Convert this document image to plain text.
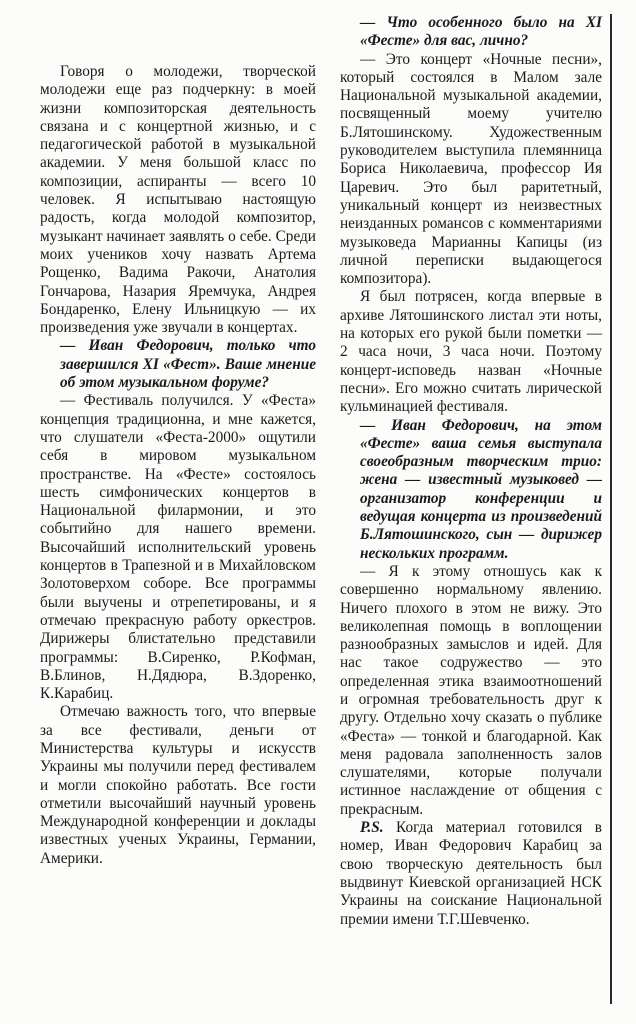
Говоря о молодежи, творческой молодежи еще раз подчеркну: в моей жизни композиторская деятельность связана и с концертной жизнью, и с педагогической работой в музыкальной академии. У меня большой класс по композиции, аспиранты — всего 10 человек. Я испытываю настоящую радость, когда молодой композитор, музыкант начинает заявлять о себе. Среди моих учеников хочу назвать Артема Рощенко, Вадима Ракочи, Анатолия Гончарова, Назария Яремчука, Андрея Бондаренко, Елену Ильницкую — их произведения уже звучали в концертах.

— Иван Федорович, только что завершился XI «Фест». Ваше мнение об этом музыкальном форуме?

— Фестиваль получился. У «Феста» концепция традиционна, и мне кажется, что слушатели «Феста-2000» ощутили себя в мировом музыкальном пространстве. На «Фесте» состоялось шесть симфонических концертов в Национальной филармонии, и это событийно для нашего времени. Высочайший исполнительский уровень концертов в Трапезной и в Михайловском Золотоверхом соборе. Все программы были выучены и отрепетированы, и я отмечаю прекрасную работу оркестров. Дирижеры блистательно представили программы: В.Сиренко, Р.Кофман, В.Блинов, Н.Дядюра, В.Здоренко, К.Карабиц.

Отмечаю важность того, что впервые за все фестивали, деньги от Министерства культуры и искусств Украины мы получили перед фестивалем и могли спокойно работать. Все гости отметили высочайший научный уровень Международной конференции и доклады известных ученых Украины, Германии, Америки.

— Что особенного было на XI «Фесте» для вас, лично?

— Это концерт «Ночные песни», который состоялся в Малом зале Национальной музыкальной академии, посвященный моему учителю Б.Лятошинскому. Художественным руководителем выступила племянница Бориса Николаевича, профессор Ия Царевич. Это был раритетный, уникальный концерт из неизвестных неизданных романсов с комментариями музыковеда Марианны Капицы (из личной переписки выдающегося композитора).

Я был потрясен, когда впервые в архиве Лятошинского листал эти ноты, на которых его рукой были пометки — 2 часа ночи, 3 часа ночи. Поэтому концерт-исповедь назван «Ночные песни». Его можно считать лирической кульминацией фестиваля.

— Иван Федорович, на этом «Фесте» ваша семья выступала своеобразным творческим трио: жена — известный музыковед — организатор конференции и ведущая концерта из произведений Б.Лятошинского, сын — дирижер нескольких программ.

— Я к этому отношусь как к совершенно нормальному явлению. Ничего плохого в этом не вижу. Это великолепная помощь в воплощении разнообразных замыслов и идей. Для нас такое содружество — это определенная этика взаимоотношений и огромная требовательность друг к другу. Отдельно хочу сказать о публике «Феста» — тонкой и благодарной. Как меня радовала заполненность залов слушателями, которые получали истинное наслаждение от общения с прекрасным.

P.S. Когда материал готовился в номер, Иван Федорович Карабиц за свою творческую деятельность был выдвинут Киевской организацией НСК Украины на соискание Национальной премии имени Т.Г.Шевченко.
